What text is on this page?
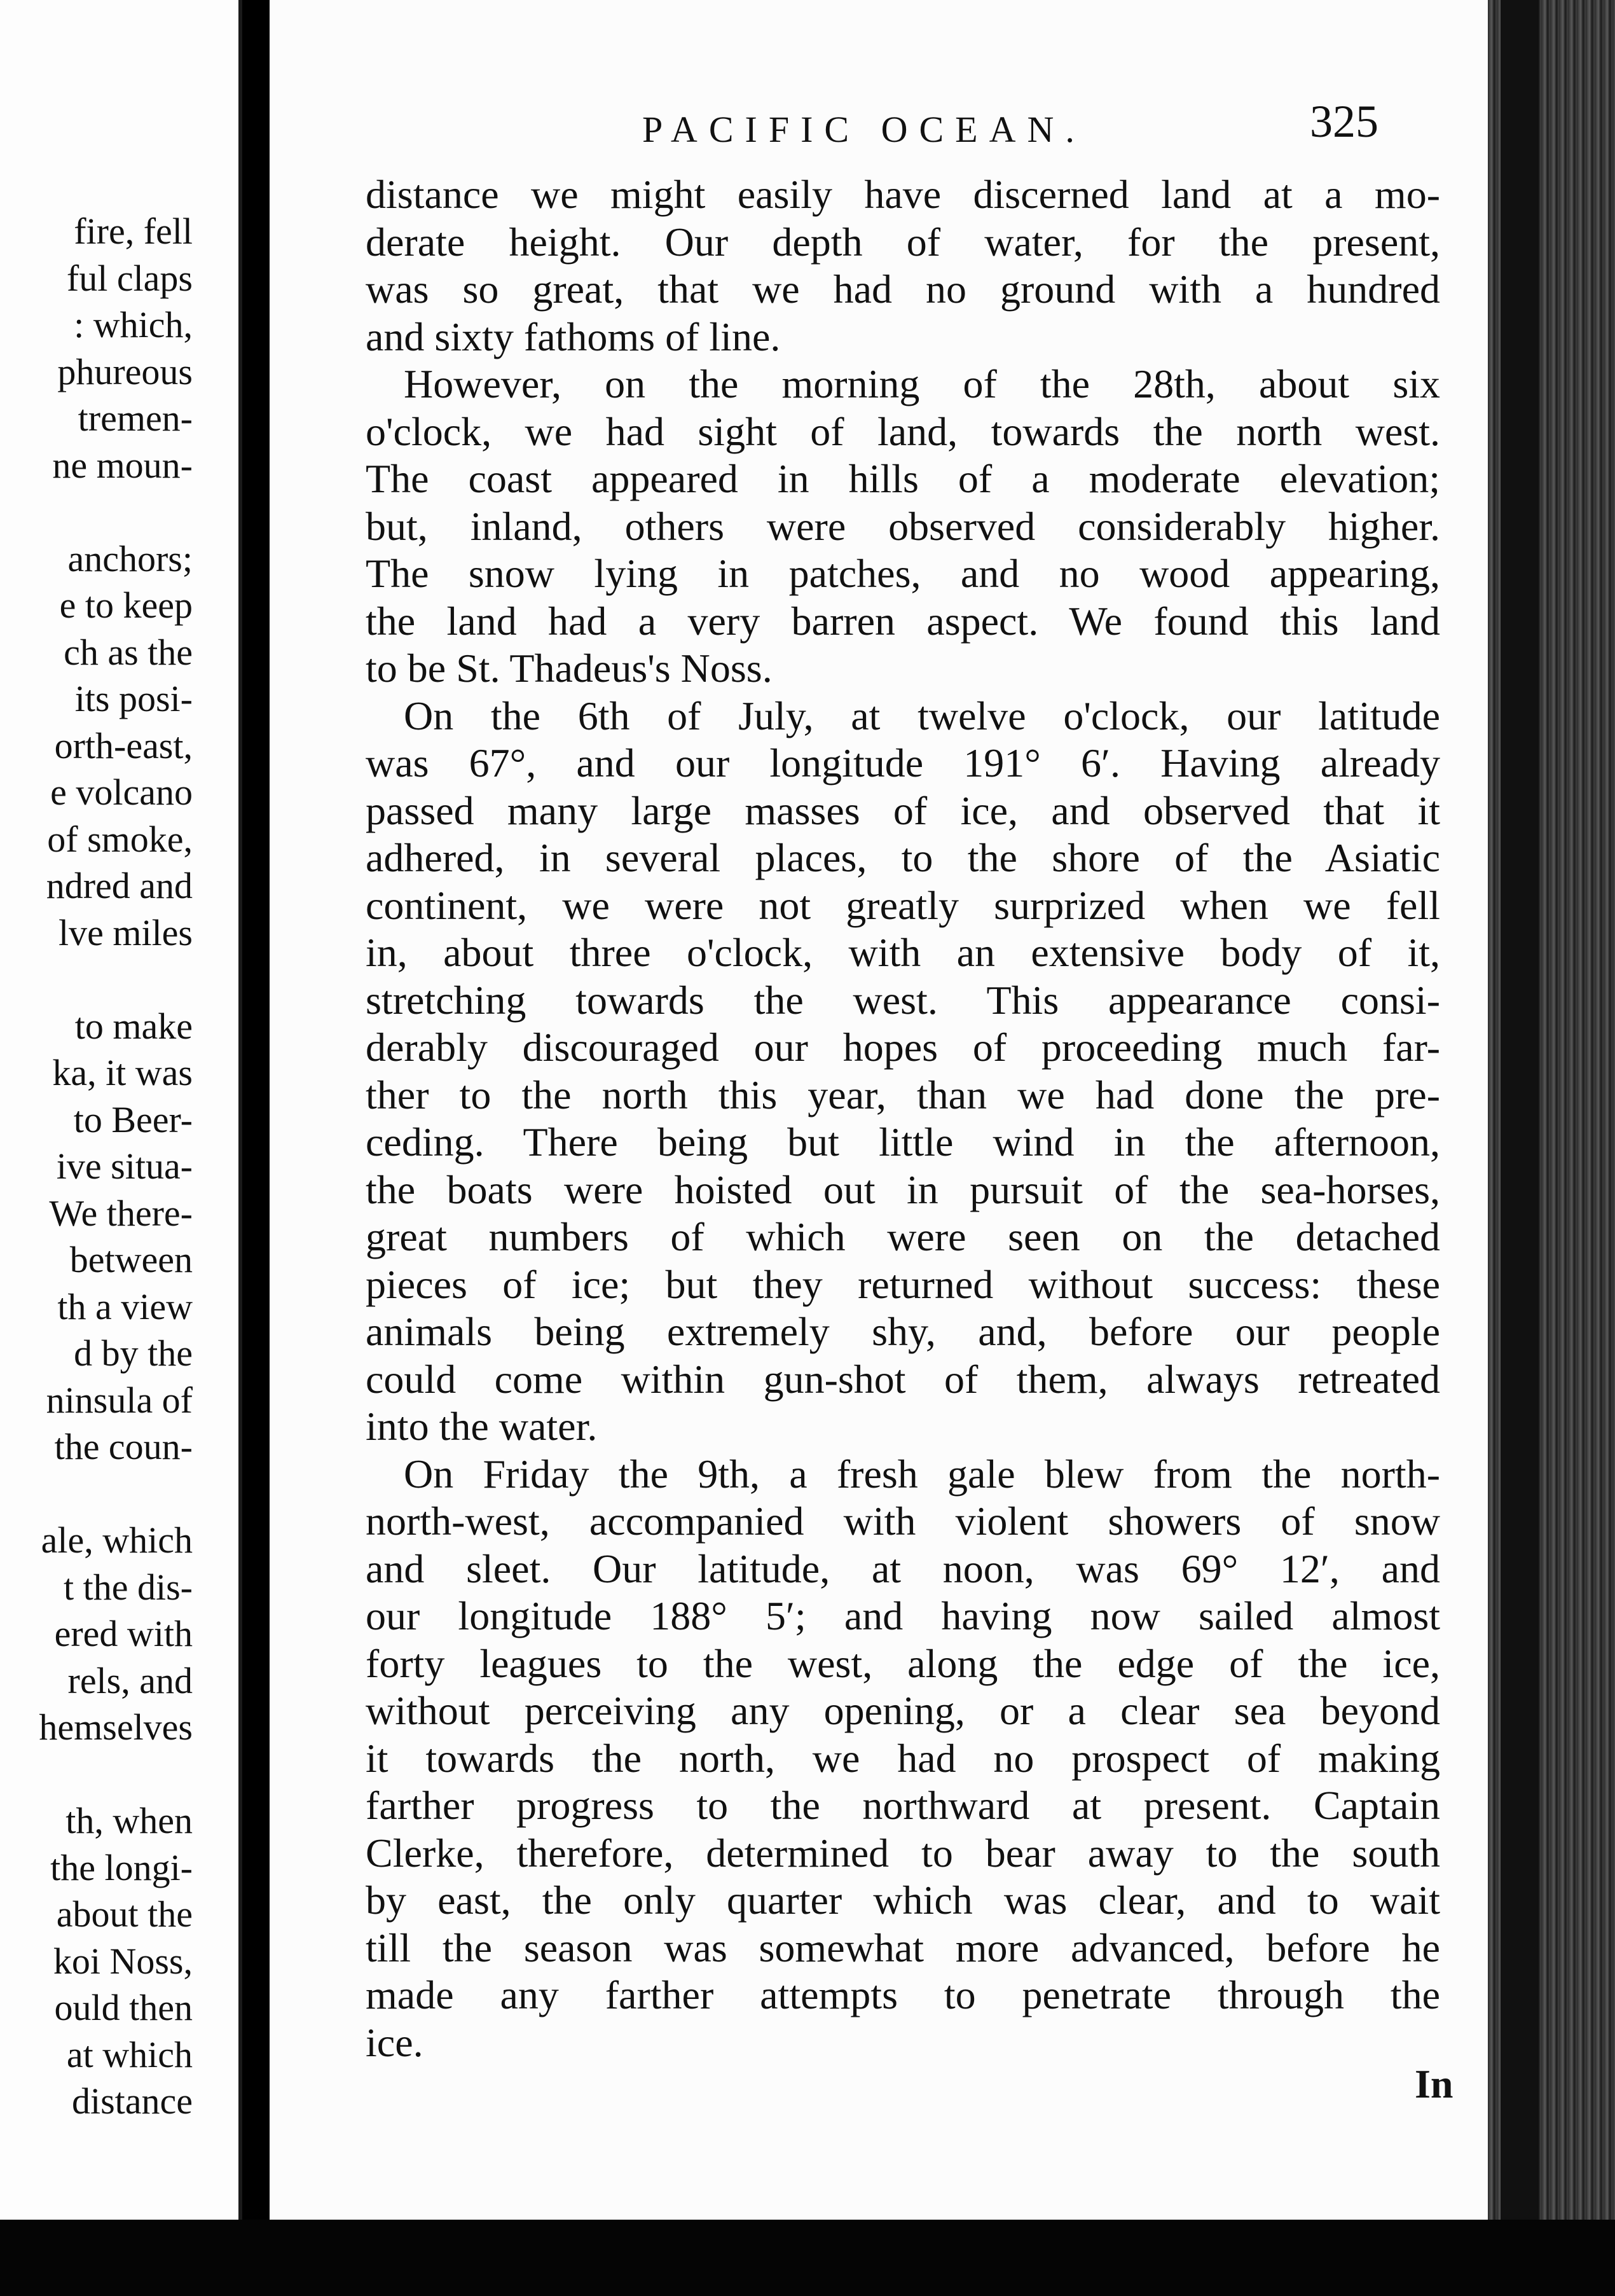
fire, fell
ful claps
: which,
phureous
tremen-
ne moun-
anchors;
e to keep
ch as the
its posi-
orth-east,
e volcano
of smoke,
ndred and
lve miles
to make
ka, it was
to Beer-
ive situa-
We there-
between
th a view
d by the
ninsula of
the coun-
ale, which
t the dis-
ered with
rels, and
hemselves
th, when
the longi-
about the
koi Noss,
ould then
at which
distance
PACIFIC OCEAN.	325
distance we might easily have discerned land at a mo-
derate height. Our depth of water, for the present,
was so great, that we had no ground with a hundred
and sixty fathoms of line.
However, on the morning of the 28th, about six
o'clock, we had sight of land, towards the north west.
The coast appeared in hills of a moderate elevation;
but, inland, others were observed considerably higher.
The snow lying in patches, and no wood appearing,
the land had a very barren aspect. We found this land
to be St. Thadeus's Noss.
On the 6th of July, at twelve o'clock, our latitude
was 67°, and our longitude 191° 6′. Having already
passed many large masses of ice, and observed that it
adhered, in several places, to the shore of the Asiatic
continent, we were not greatly surprized when we fell
in, about three o'clock, with an extensive body of it,
stretching towards the west. This appearance consi-
derably discouraged our hopes of proceeding much far-
ther to the north this year, than we had done the pre-
ceding. There being but little wind in the afternoon,
the boats were hoisted out in pursuit of the sea-horses,
great numbers of which were seen on the detached
pieces of ice; but they returned without success: these
animals being extremely shy, and, before our people
could come within gun-shot of them, always retreated
into the water.
On Friday the 9th, a fresh gale blew from the north-
north-west, accompanied with violent showers of snow
and sleet. Our latitude, at noon, was 69° 12′, and
our longitude 188° 5′; and having now sailed almost
forty leagues to the west, along the edge of the ice,
without perceiving any opening, or a clear sea beyond
it towards the north, we had no prospect of making
farther progress to the northward at present. Captain
Clerke, therefore, determined to bear away to the south
by east, the only quarter which was clear, and to wait
till the season was somewhat more advanced, before he
made any farther attempts to penetrate through the
ice.
In
